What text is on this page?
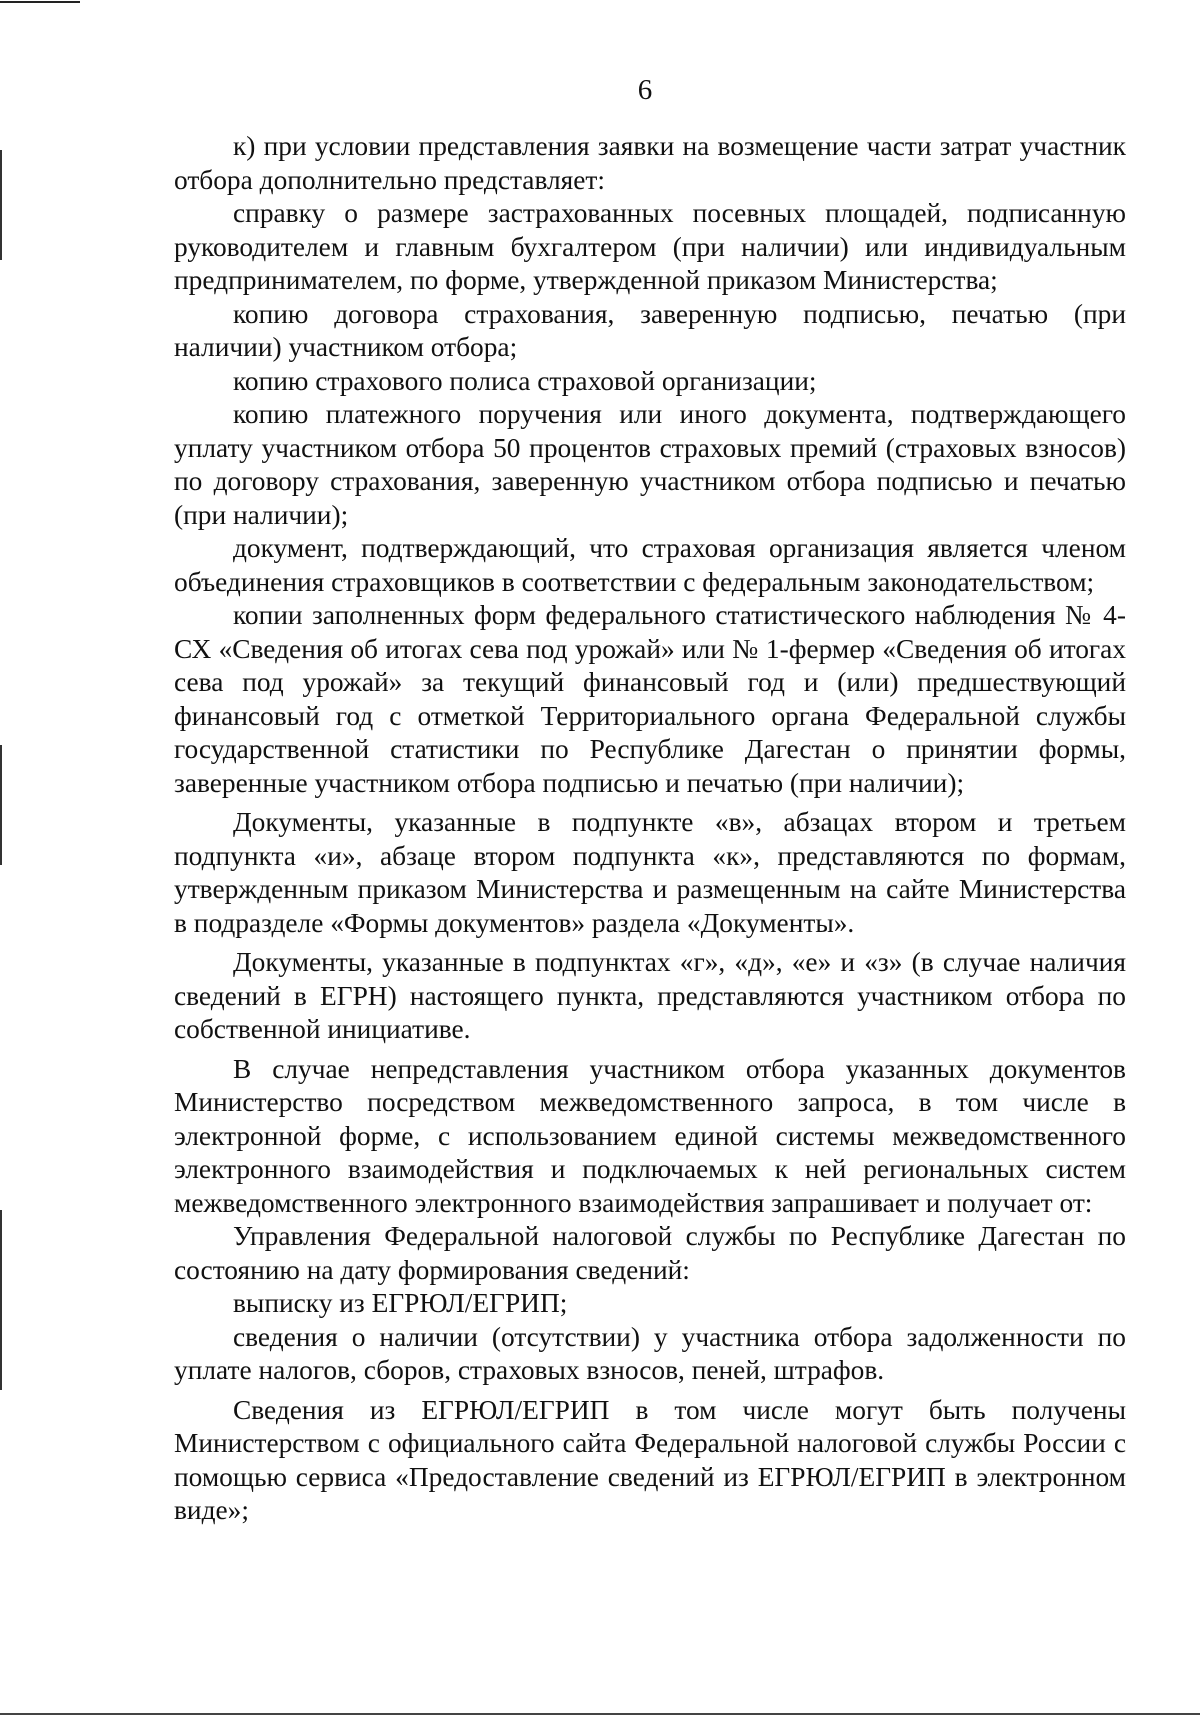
6

к) при условии представления заявки на возмещение части затрат участник отбора дополнительно представляет:

справку о размере застрахованных посевных площадей, подписанную руководителем и главным бухгалтером (при наличии) или индивидуальным предпринимателем, по форме, утвержденной приказом Министерства;

копию договора страхования, заверенную подписью, печатью (при наличии) участником отбора;

копию страхового полиса страховой организации;

копию платежного поручения или иного документа, подтверждающего уплату участником отбора 50 процентов страховых премий (страховых взносов) по договору страхования, заверенную участником отбора подписью и печатью (при наличии);

документ, подтверждающий, что страховая организация является членом объединения страховщиков в соответствии с федеральным законодательством;

копии заполненных форм федерального статистического наблюдения № 4-СХ «Сведения об итогах сева под урожай» или № 1-фермер «Сведения об итогах сева под урожай» за текущий финансовый год и (или) предшествующий финансовый год с отметкой Территориального органа Федеральной службы государственной статистики по Республике Дагестан о принятии формы, заверенные участником отбора подписью и печатью (при наличии);

Документы, указанные в подпункте «в», абзацах втором и третьем подпункта «и», абзаце втором подпункта «к», представляются по формам, утвержденным приказом Министерства и размещенным на сайте Министерства в подразделе «Формы документов» раздела «Документы».

Документы, указанные в подпунктах «г», «д», «е» и «з» (в случае наличия сведений в ЕГРН) настоящего пункта, представляются участником отбора по собственной инициативе.

В случае непредставления участником отбора указанных документов Министерство посредством межведомственного запроса, в том числе в электронной форме, с использованием единой системы межведомственного электронного взаимодействия и подключаемых к ней региональных систем межведомственного электронного взаимодействия запрашивает и получает от:

Управления Федеральной налоговой службы по Республике Дагестан по состоянию на дату формирования сведений:

выписку из ЕГРЮЛ/ЕГРИП;

сведения о наличии (отсутствии) у участника отбора задолженности по уплате налогов, сборов, страховых взносов, пеней, штрафов.

Сведения из ЕГРЮЛ/ЕГРИП в том числе могут быть получены Министерством с официального сайта Федеральной налоговой службы России с помощью сервиса «Предоставление сведений из ЕГРЮЛ/ЕГРИП в электронном виде»;
